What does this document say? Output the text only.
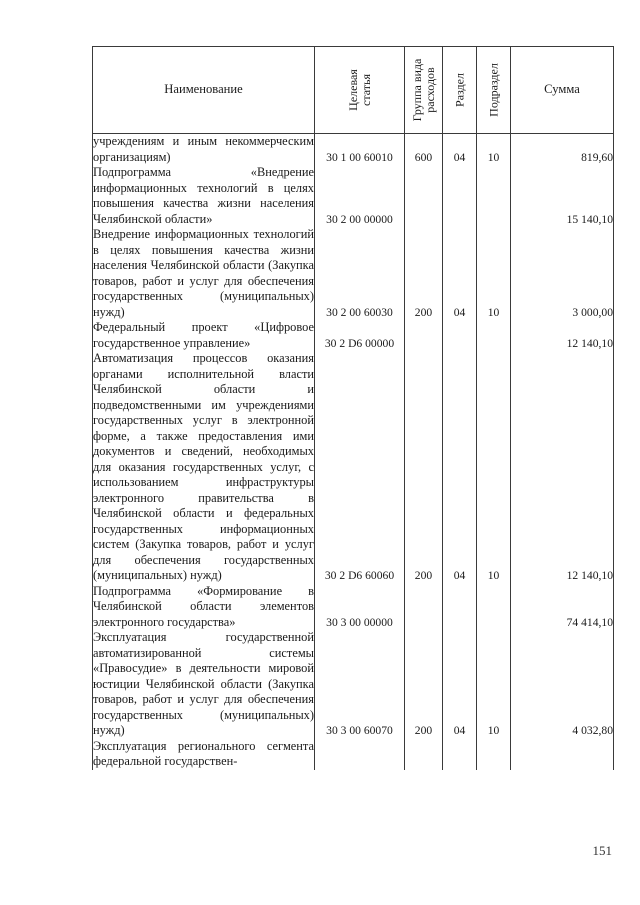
Наименование	Целевая статья	Группа вида расходов	Раздел	Подраздел	Сумма
учреждениям и иным некоммерческим организациям)	30 1 00 60010	600	04	10	819,60
Подпрограмма «Внедрение информационных технологий в целях повышения качества жизни населения Челябинской области»	30 2 00 00000				15 140,10
Внедрение информационных технологий в целях повышения качества жизни населения Челябинской области (Закупка товаров, работ и услуг для обеспечения государственных (муниципальных) нужд)	30 2 00 60030	200	04	10	3 000,00
Федеральный проект «Цифровое государственное управление»	30 2 D6 00000				12 140,10
Автоматизация процессов оказания органами исполнительной власти Челябинской области и подведомственными им учреждениями государственных услуг в электронной форме, а также предоставления ими документов и сведений, необходимых для оказания государственных услуг, с использованием инфраструктуры электронного правительства в Челябинской области и федеральных государственных информационных систем (Закупка товаров, работ и услуг для обеспечения государственных (муниципальных) нужд)	30 2 D6 60060	200	04	10	12 140,10
Подпрограмма «Формирование в Челябинской области элементов электронного государства»	30 3 00 00000				74 414,10
Эксплуатация государственной автоматизированной системы «Правосудие» в деятельности мировой юстиции Челябинской области (Закупка товаров, работ и услуг для обеспечения государственных (муниципальных) нужд)	30 3 00 60070	200	04	10	4 032,80
Эксплуатация регионального сегмента федеральной государствен-					
151
